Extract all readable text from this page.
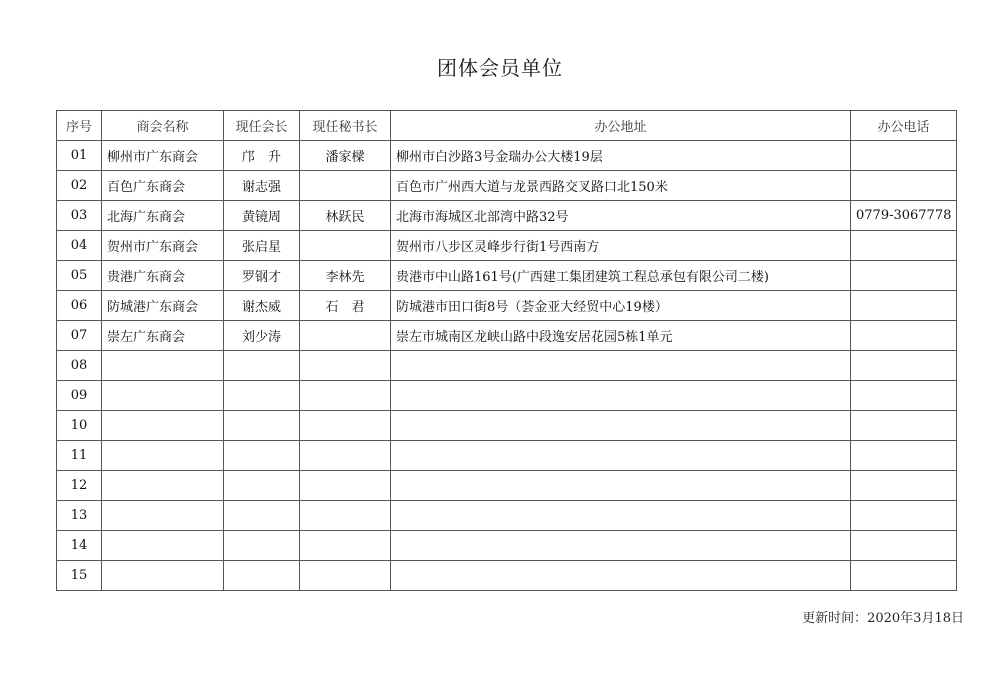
团体会员单位
序号	商会名称	现任会长	现任秘书长	办公地址	办公电话
01	柳州市广东商会	邝　升	潘家樑	柳州市白沙路3号金瑞办公大楼19层	
02	百色广东商会	谢志强		百色市广州西大道与龙景西路交叉路口北150米	
03	北海广东商会	黄镜周	林跃民	北海市海城区北部湾中路32号	0779-3067778
04	贺州市广东商会	张启星		贺州市八步区灵峰步行街1号西南方	
05	贵港广东商会	罗钢才	李林先	贵港市中山路161号(广西建工集团建筑工程总承包有限公司二楼)	
06	防城港广东商会	谢杰威	石　君	防城港市田口街8号（荟金亚大经贸中心19楼）	
07	崇左广东商会	刘少涛		崇左市城南区龙峡山路中段逸安居花园5栋1单元	
08					
09					
10					
11					
12					
13					
14					
15					
更新时间：2020年3月18日
